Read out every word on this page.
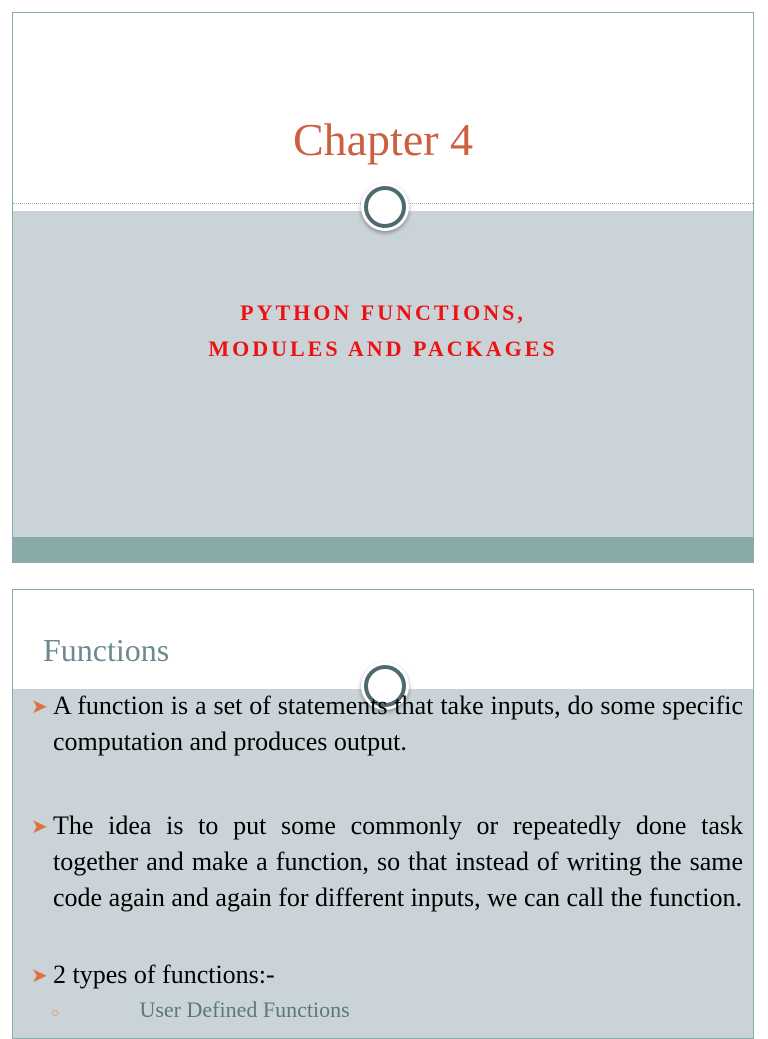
Chapter 4
PYTHON FUNCTIONS,
MODULES AND PACKAGES
Functions
➤ A function is a set of statements that take inputs, do some specific computation and produces output.
➤ The idea is to put some commonly or repeatedly done task together and make a function, so that instead of writing the same code again and again for different inputs, we can call the function.
➤ 2 types of functions:-
○	User Defined Functions
